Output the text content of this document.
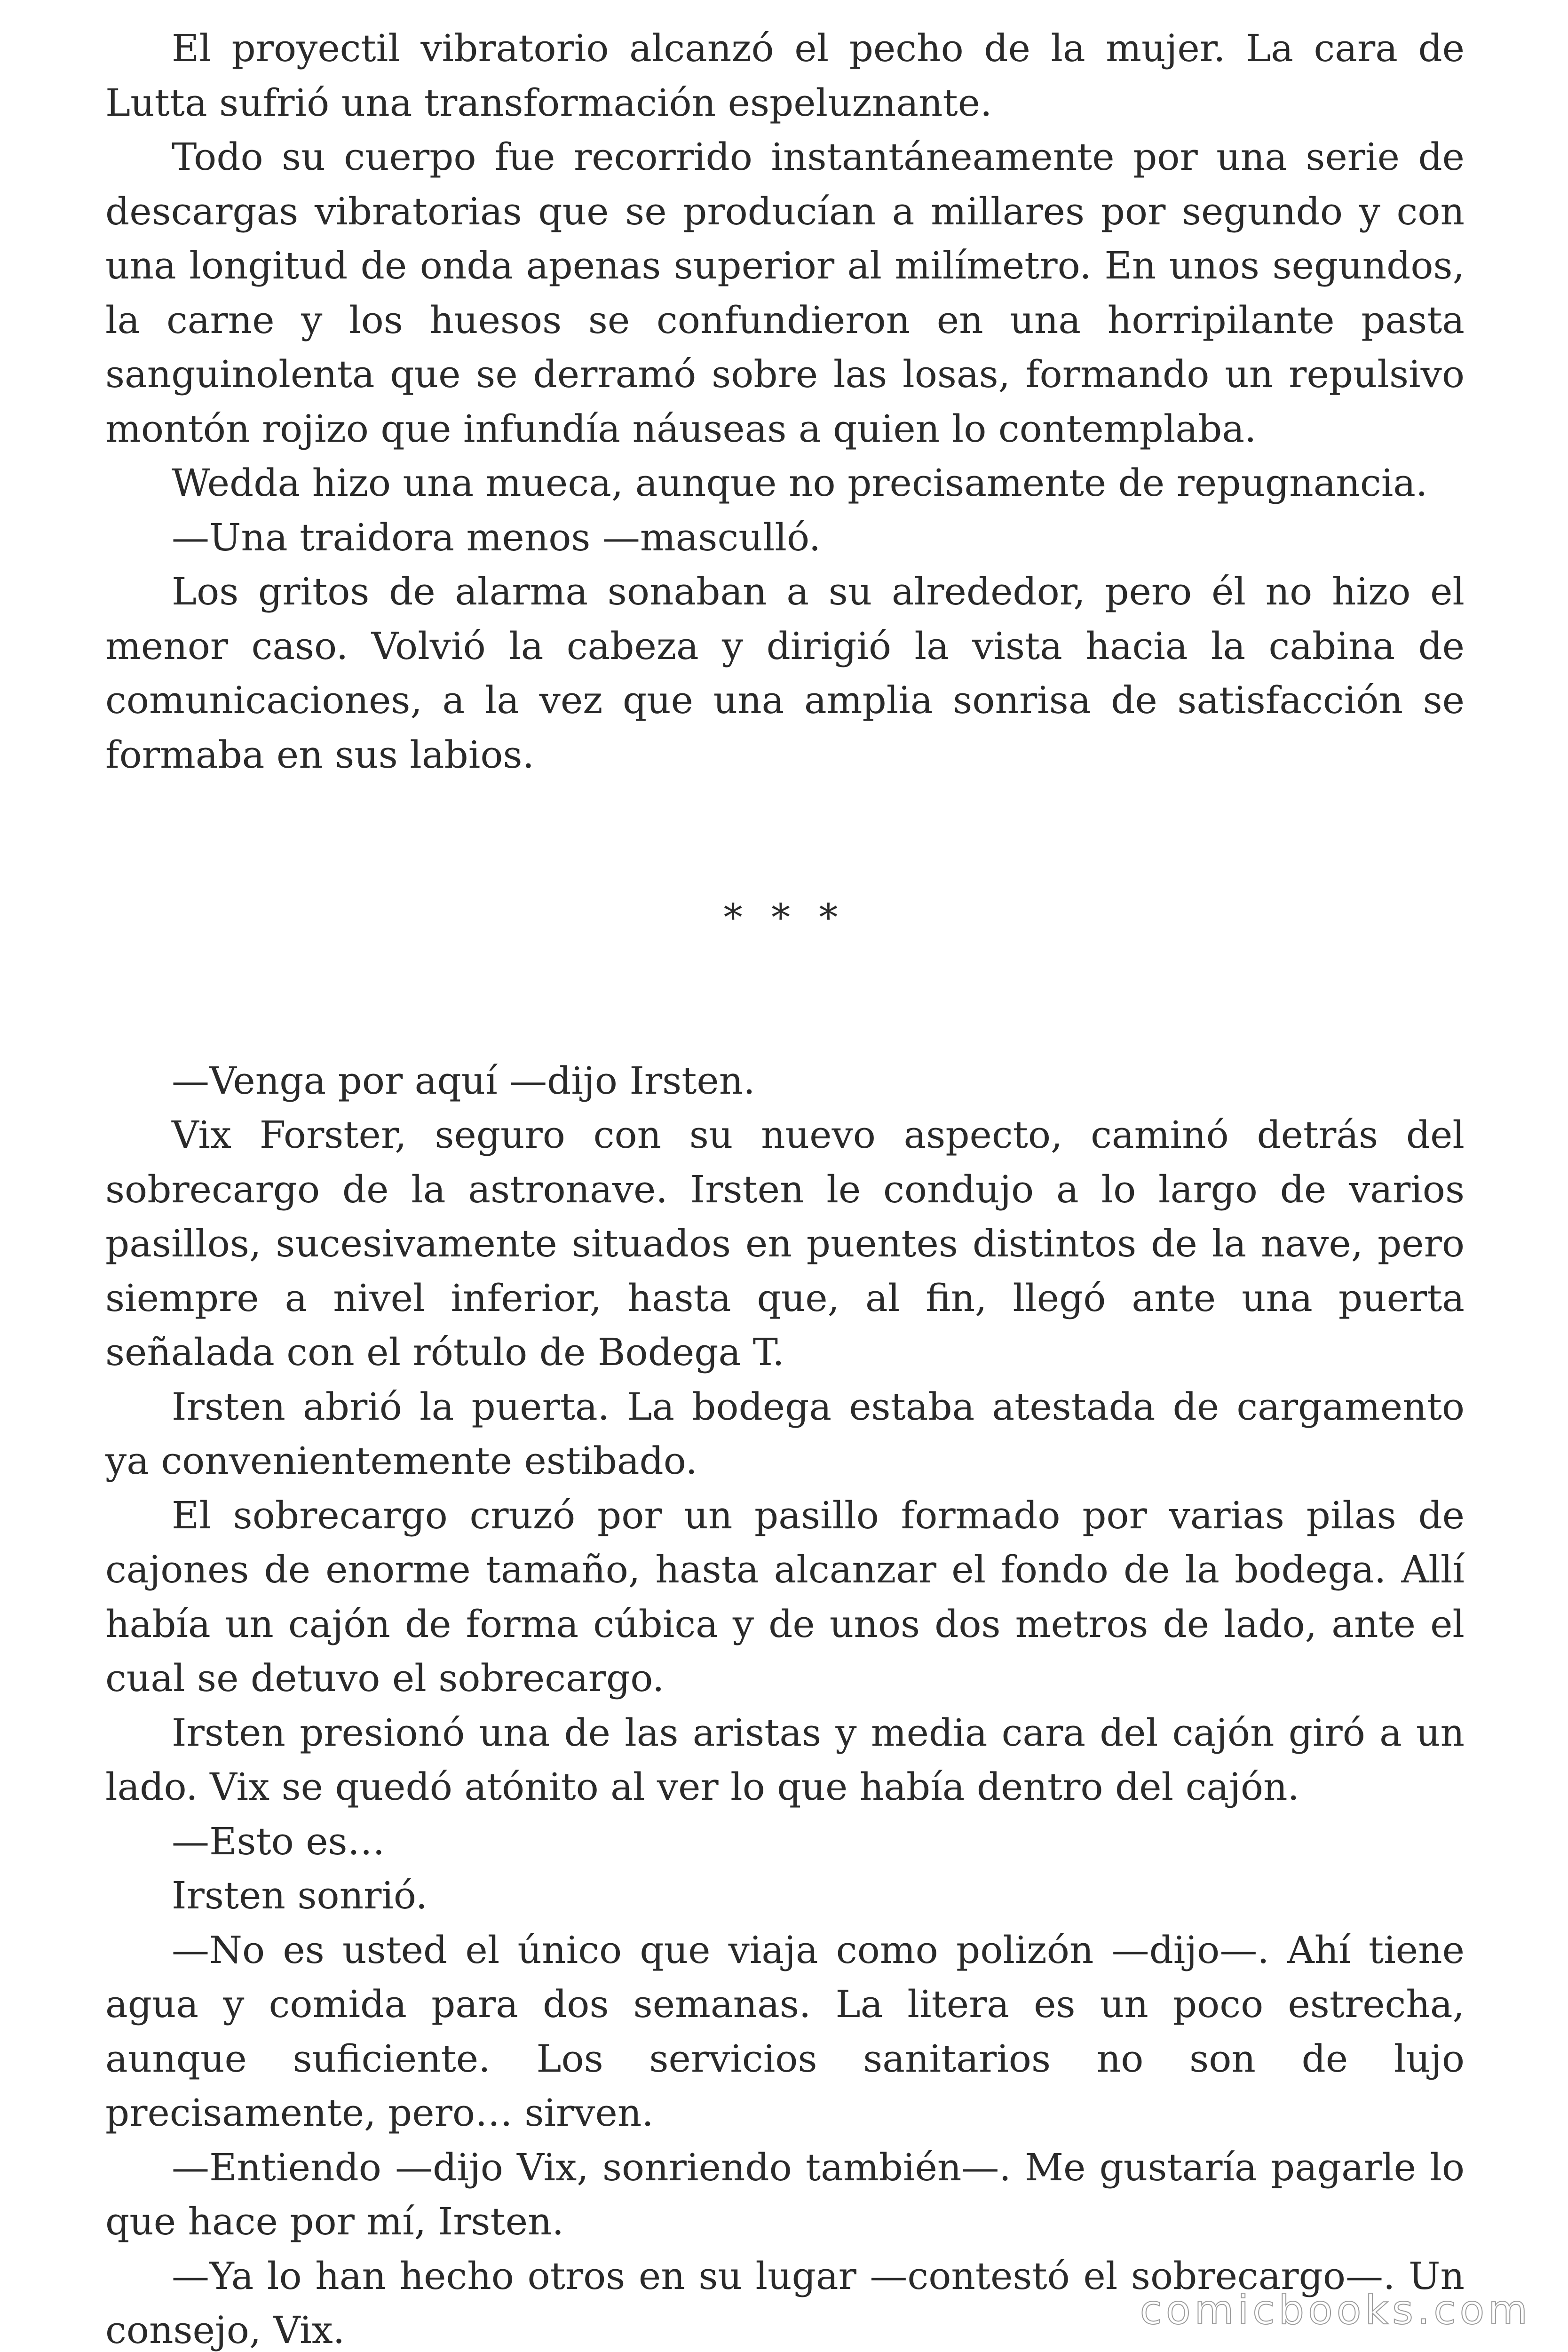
El proyectil vibratorio alcanzó el pecho de la mujer. La cara de Lutta sufrió una transformación espeluznante.

Todo su cuerpo fue recorrido instantáneamente por una serie de descargas vibratorias que se producían a millares por segundo y con una longitud de onda apenas superior al milímetro. En unos segundos, la carne y los huesos se confundieron en una horripilante pasta sanguinolenta que se derramó sobre las losas, formando un repulsivo montón rojizo que infundía náuseas a quien lo contemplaba.

Wedda hizo una mueca, aunque no precisamente de repugnancia.

—Una traidora menos —masculló.

Los gritos de alarma sonaban a su alrededor, pero él no hizo el menor caso. Volvió la cabeza y dirigió la vista hacia la cabina de comunicaciones, a la vez que una amplia sonrisa de satisfacción se formaba en sus labios.

* * *

—Venga por aquí —dijo Irsten.

Vix Forster, seguro con su nuevo aspecto, caminó detrás del sobrecargo de la astronave. Irsten le condujo a lo largo de varios pasillos, sucesivamente situados en puentes distintos de la nave, pero siempre a nivel inferior, hasta que, al fin, llegó ante una puerta señalada con el rótulo de Bodega T.

Irsten abrió la puerta. La bodega estaba atestada de cargamento ya convenientemente estibado.

El sobrecargo cruzó por un pasillo formado por varias pilas de cajones de enorme tamaño, hasta alcanzar el fondo de la bodega. Allí había un cajón de forma cúbica y de unos dos metros de lado, ante el cual se detuvo el sobrecargo.

Irsten presionó una de las aristas y media cara del cajón giró a un lado. Vix se quedó atónito al ver lo que había dentro del cajón.

—Esto es…

Irsten sonrió.

—No es usted el único que viaja como polizón —dijo—. Ahí tiene agua y comida para dos semanas. La litera es un poco estrecha, aunque suficiente. Los servicios sanitarios no son de lujo precisamente, pero… sirven.

—Entiendo —dijo Vix, sonriendo también—. Me gustaría pagarle lo que hace por mí, Irsten.

—Ya lo han hecho otros en su lugar —contestó el sobrecargo—. Un consejo, Vix.	comicbooks.com
